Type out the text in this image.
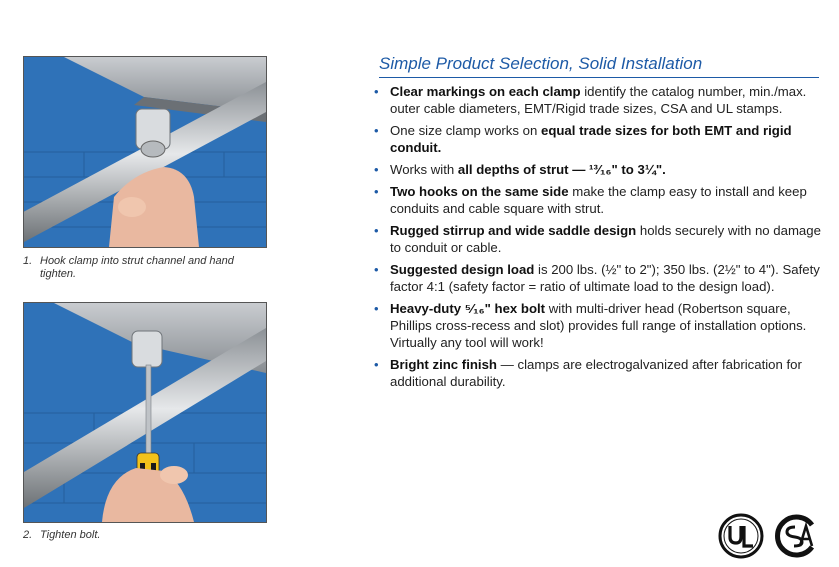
1. Hook clamp into strut channel and hand tighten.
2. Tighten bolt.
Simple Product Selection, Solid Installation
• Clear markings on each clamp identify the catalog number, min./max. outer cable diameters, EMT/Rigid trade sizes, CSA and UL stamps.
• One size clamp works on equal trade sizes for both EMT and rigid conduit.
• Works with all depths of strut — ¹³⁄₁₆" to 3¼".
• Two hooks on the same side make the clamp easy to install and keep conduits and cable square with strut.
• Rugged stirrup and wide saddle design holds securely with no damage to conduit or cable.
• Suggested design load is 200 lbs. (½" to 2"); 350 lbs. (2½" to 4"). Safety factor 4:1 (safety factor = ratio of ultimate load to the design load).
• Heavy-duty ⁵⁄₁₆" hex bolt with multi-driver head (Robertson square, Phillips cross-recess and slot) provides full range of installation options. Virtually any tool will work!
• Bright zinc finish — clamps are electrogalvanized after fabrication for additional durability.
